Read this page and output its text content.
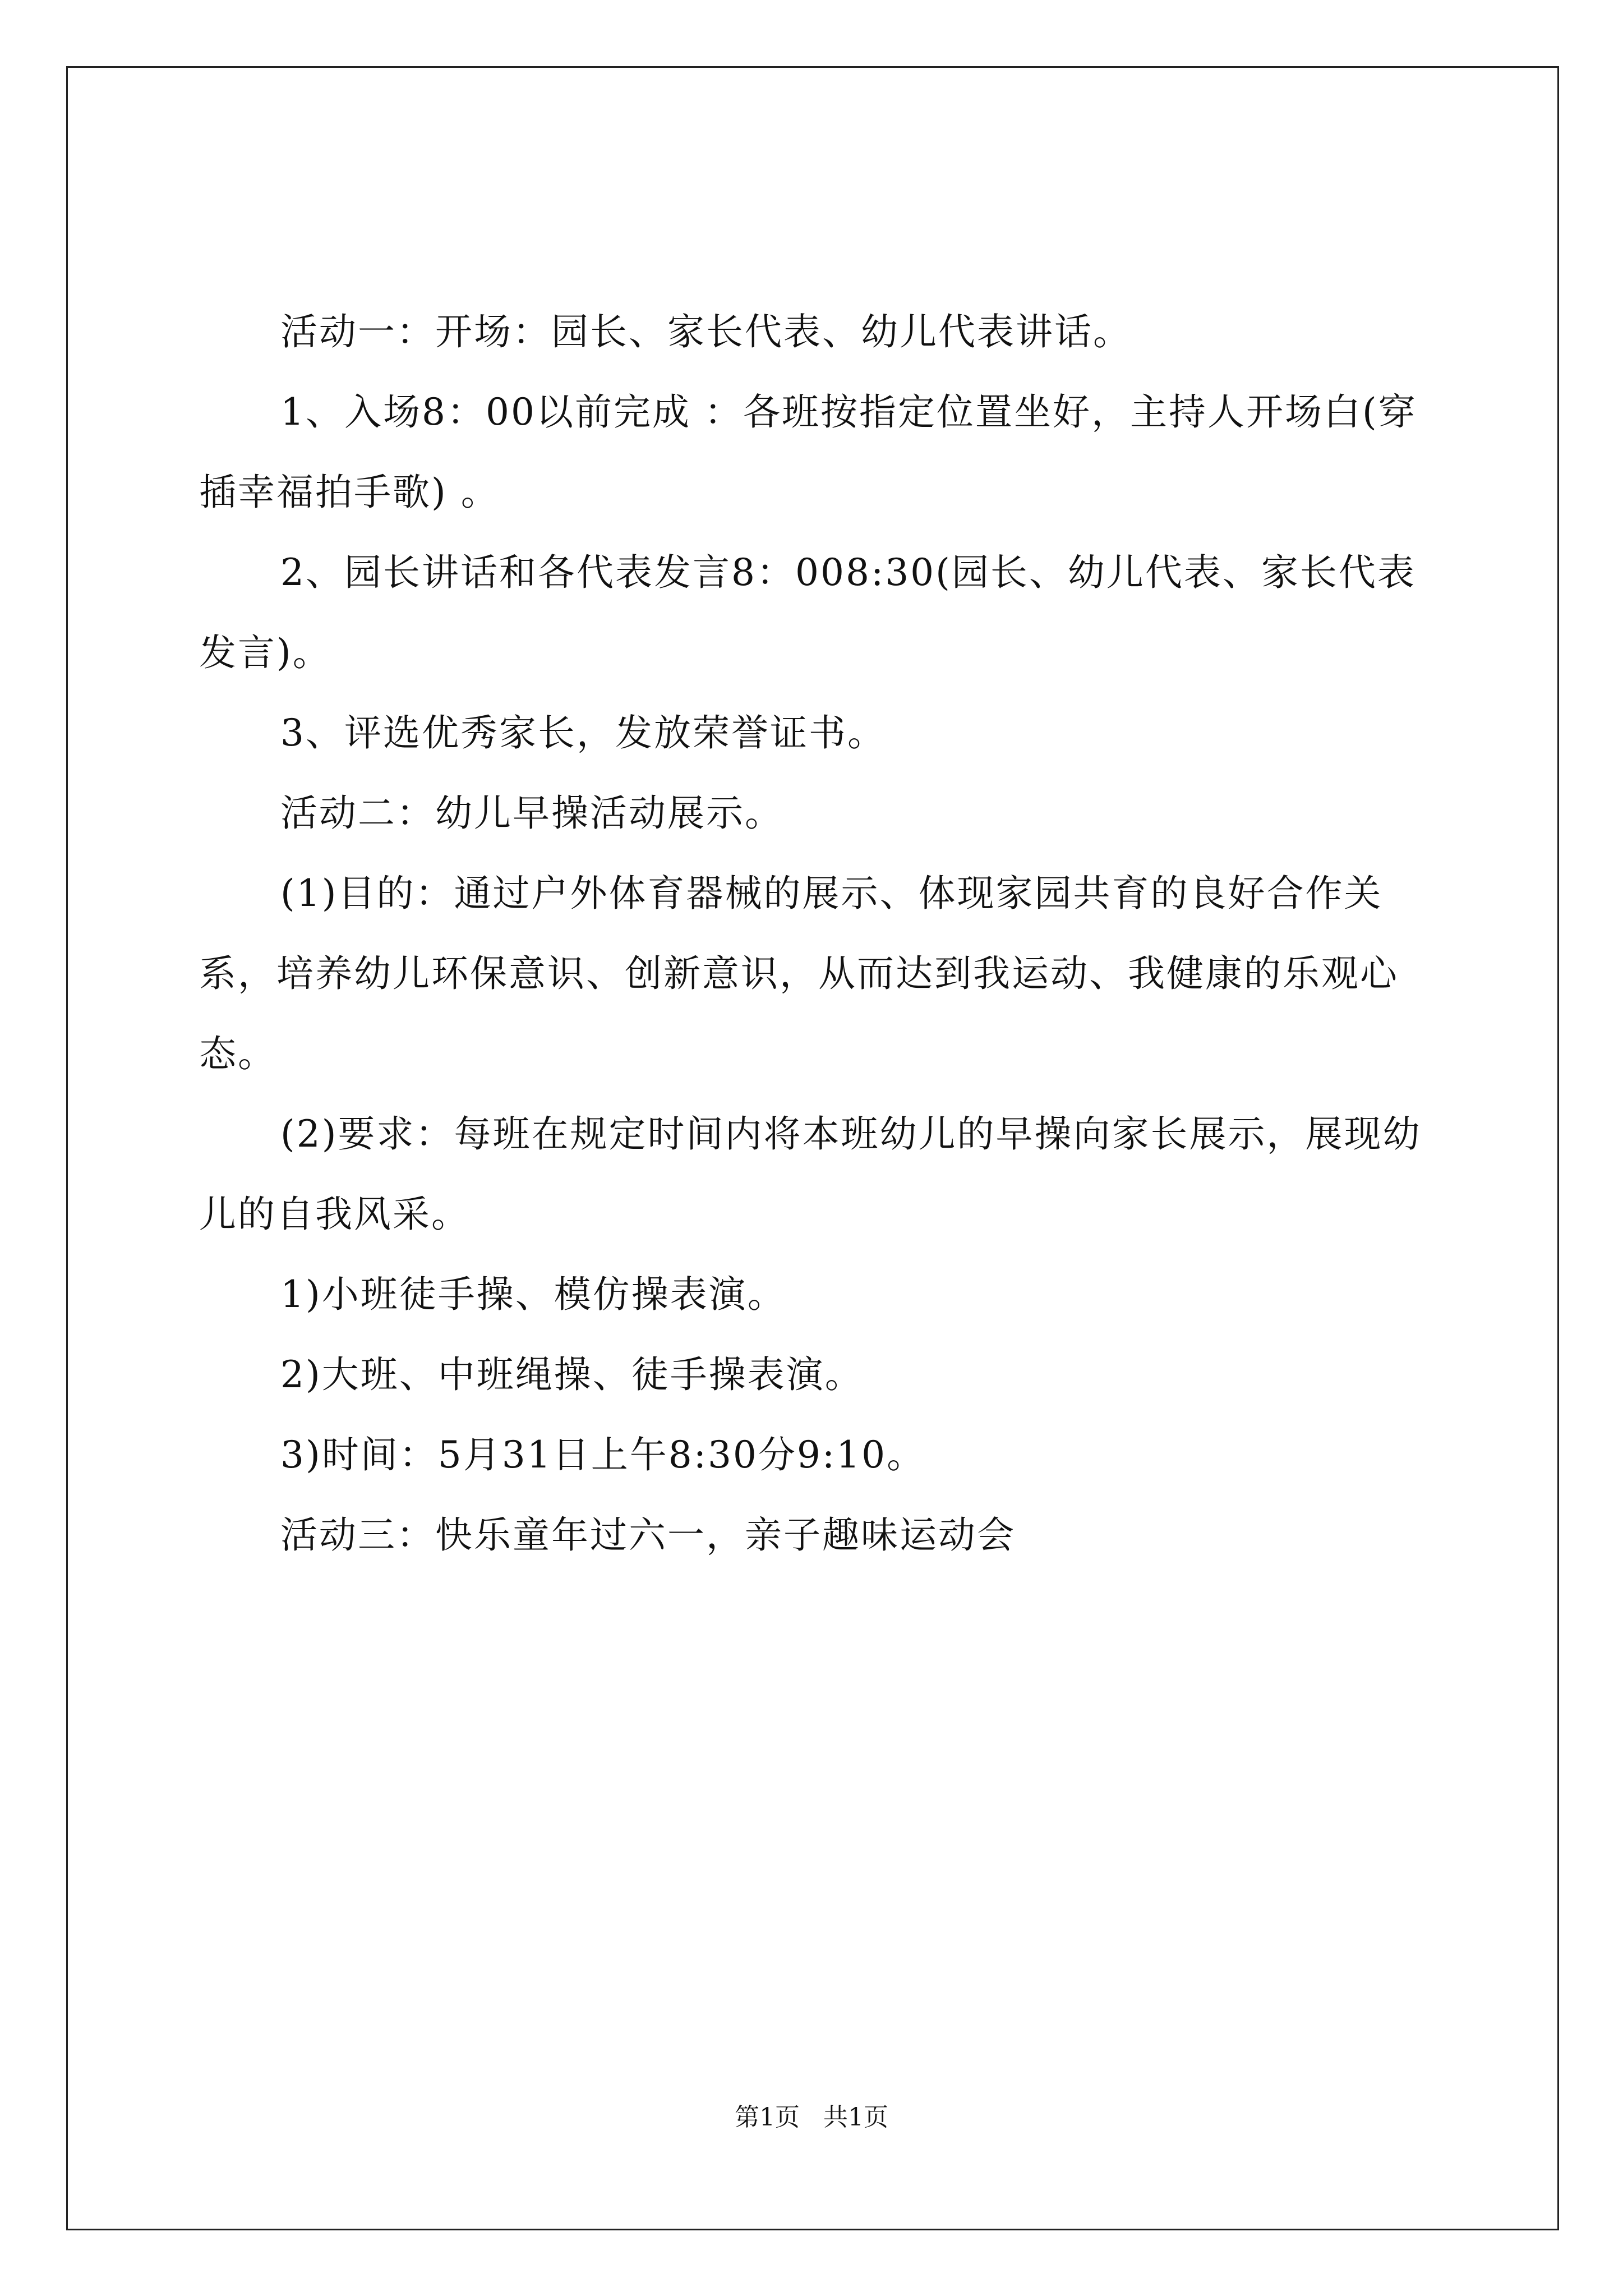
活动一：开场：园长、家长代表、幼儿代表讲话。

1、入场8：00以前完成 ：各班按指定位置坐好，主持人开场白(穿插幸福拍手歌) 。

2、园长讲话和各代表发言8：008:30(园长、幼儿代表、家长代表发言)。

3、评选优秀家长，发放荣誉证书。

活动二：幼儿早操活动展示。

(1)目的：通过户外体育器械的展示、体现家园共育的良好合作关系，培养幼儿环保意识、创新意识，从而达到我运动、我健康的乐观心态。

(2)要求：每班在规定时间内将本班幼儿的早操向家长展示，展现幼儿的自我风采。

1)小班徒手操、模仿操表演。

2)大班、中班绳操、徒手操表演。

3)时间：5月31日上午8:30分9:10。

活动三：快乐童年过六一，亲子趣味运动会

第1页 共1页
